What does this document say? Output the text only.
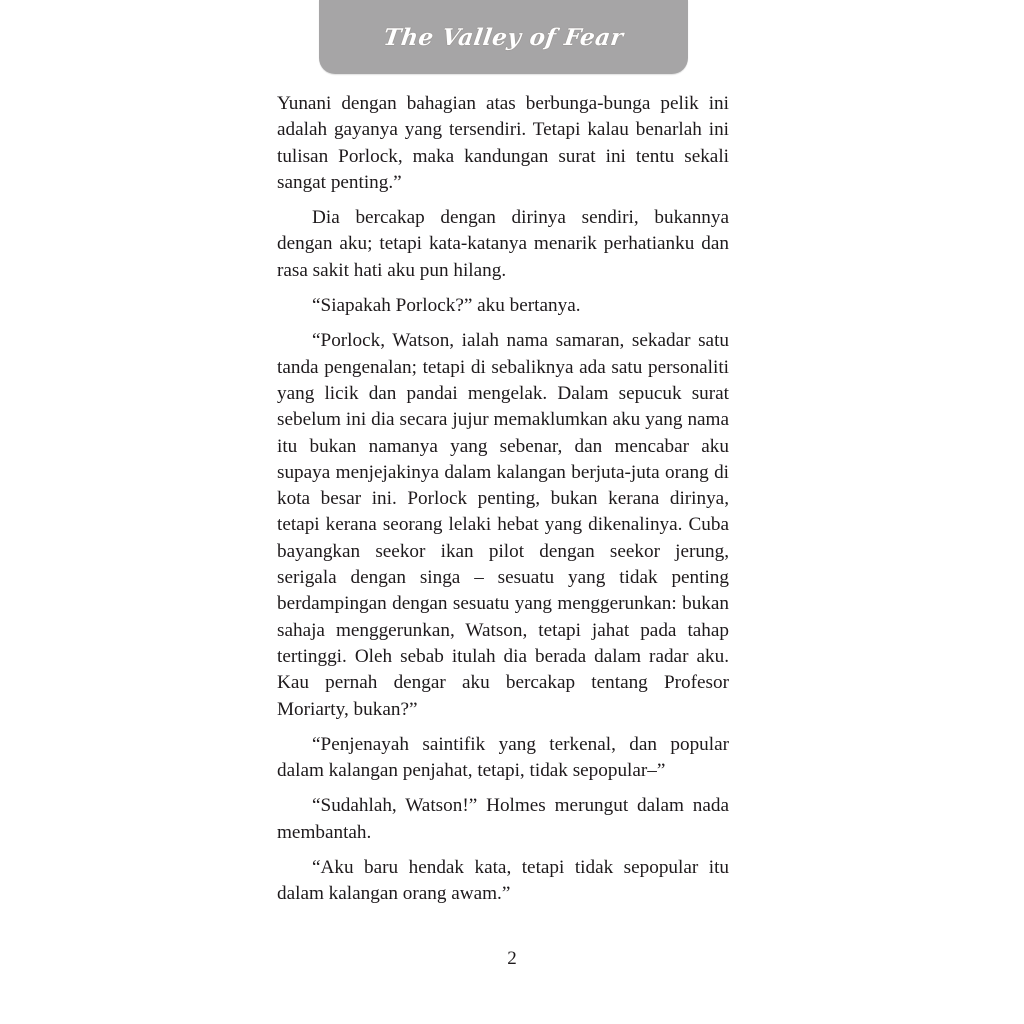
The Valley of Fear

Yunani dengan bahagian atas berbunga-bunga pelik ini adalah gayanya yang tersendiri. Tetapi kalau benarlah ini tulisan Porlock, maka kandungan surat ini tentu sekali sangat penting.”

Dia bercakap dengan dirinya sendiri, bukannya dengan aku; tetapi kata-katanya menarik perhatianku dan rasa sakit hati aku pun hilang.

“Siapakah Porlock?” aku bertanya.

“Porlock, Watson, ialah nama samaran, sekadar satu tanda pengenalan; tetapi di sebaliknya ada satu personaliti yang licik dan pandai mengelak. Dalam sepucuk surat sebelum ini dia secara jujur memaklumkan aku yang nama itu bukan namanya yang sebenar, dan mencabar aku supaya menjejakinya dalam kalangan berjuta-juta orang di kota besar ini. Porlock penting, bukan kerana dirinya, tetapi kerana seorang lelaki hebat yang dikenalinya. Cuba bayangkan seekor ikan pilot dengan seekor jerung, serigala dengan singa – sesuatu yang tidak penting berdampingan dengan sesuatu yang menggerunkan: bukan sahaja menggerunkan, Watson, tetapi jahat pada tahap tertinggi. Oleh sebab itulah dia berada dalam radar aku. Kau pernah dengar aku bercakap tentang Profesor Moriarty, bukan?”

“Penjenayah saintifik yang terkenal, dan popular dalam kalangan penjahat, tetapi, tidak sepopular–”

“Sudahlah, Watson!” Holmes merungut dalam nada membantah.

“Aku baru hendak kata, tetapi tidak sepopular itu dalam kalangan orang awam.”

2
